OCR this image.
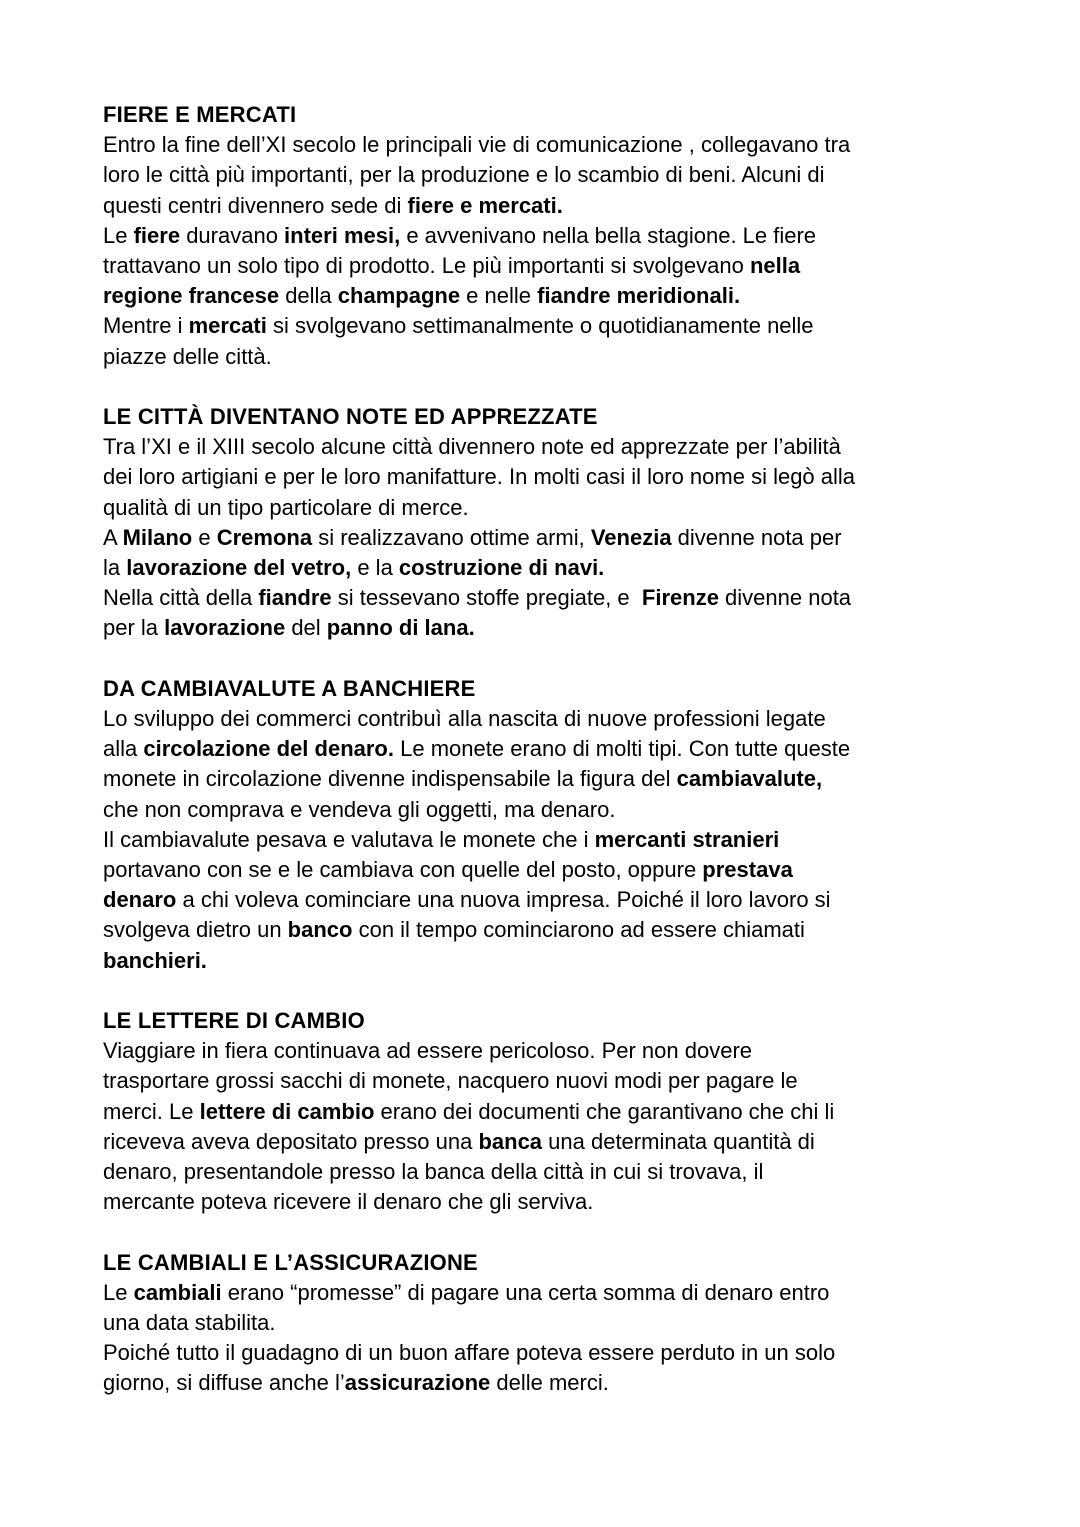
FIERE E MERCATI
Entro la fine dell’XI secolo le principali vie di comunicazione , collegavano tra
loro le città più importanti, per la produzione e lo scambio di beni. Alcuni di
questi centri divennero sede di fiere e mercati.
Le fiere duravano interi mesi, e avvenivano nella bella stagione. Le fiere
trattavano un solo tipo di prodotto. Le più importanti si svolgevano nella
regione francese della champagne e nelle fiandre meridionali.
Mentre i mercati si svolgevano settimanalmente o quotidianamente nelle
piazze delle città.
LE CITTÀ DIVENTANO NOTE ED APPREZZATE
Tra l’XI e il XIII secolo alcune città divennero note ed apprezzate per l’abilità
dei loro artigiani e per le loro manifatture. In molti casi il loro nome si legò alla
qualità di un tipo particolare di merce.
A Milano e Cremona si realizzavano ottime armi, Venezia divenne nota per
la lavorazione del vetro, e la costruzione di navi.
Nella città della fiandre si tessevano stoffe pregiate, e  Firenze divenne nota
per la lavorazione del panno di lana.
DA CAMBIAVALUTE A BANCHIERE
Lo sviluppo dei commerci contribuì alla nascita di nuove professioni legate
alla circolazione del denaro. Le monete erano di molti tipi. Con tutte queste
monete in circolazione divenne indispensabile la figura del cambiavalute,
che non comprava e vendeva gli oggetti, ma denaro.
Il cambiavalute pesava e valutava le monete che i mercanti stranieri
portavano con se e le cambiava con quelle del posto, oppure prestava
denaro a chi voleva cominciare una nuova impresa. Poiché il loro lavoro si
svolgeva dietro un banco con il tempo cominciarono ad essere chiamati
banchieri.
LE LETTERE DI CAMBIO
Viaggiare in fiera continuava ad essere pericoloso. Per non dovere
trasportare grossi sacchi di monete, nacquero nuovi modi per pagare le
merci. Le lettere di cambio erano dei documenti che garantivano che chi li
riceveva aveva depositato presso una banca una determinata quantità di
denaro, presentandole presso la banca della città in cui si trovava, il
mercante poteva ricevere il denaro che gli serviva.
LE CAMBIALI E L’ASSICURAZIONE
Le cambiali erano “promesse” di pagare una certa somma di denaro entro
una data stabilita.
Poiché tutto il guadagno di un buon affare poteva essere perduto in un solo
giorno, si diffuse anche l’assicurazione delle merci.
